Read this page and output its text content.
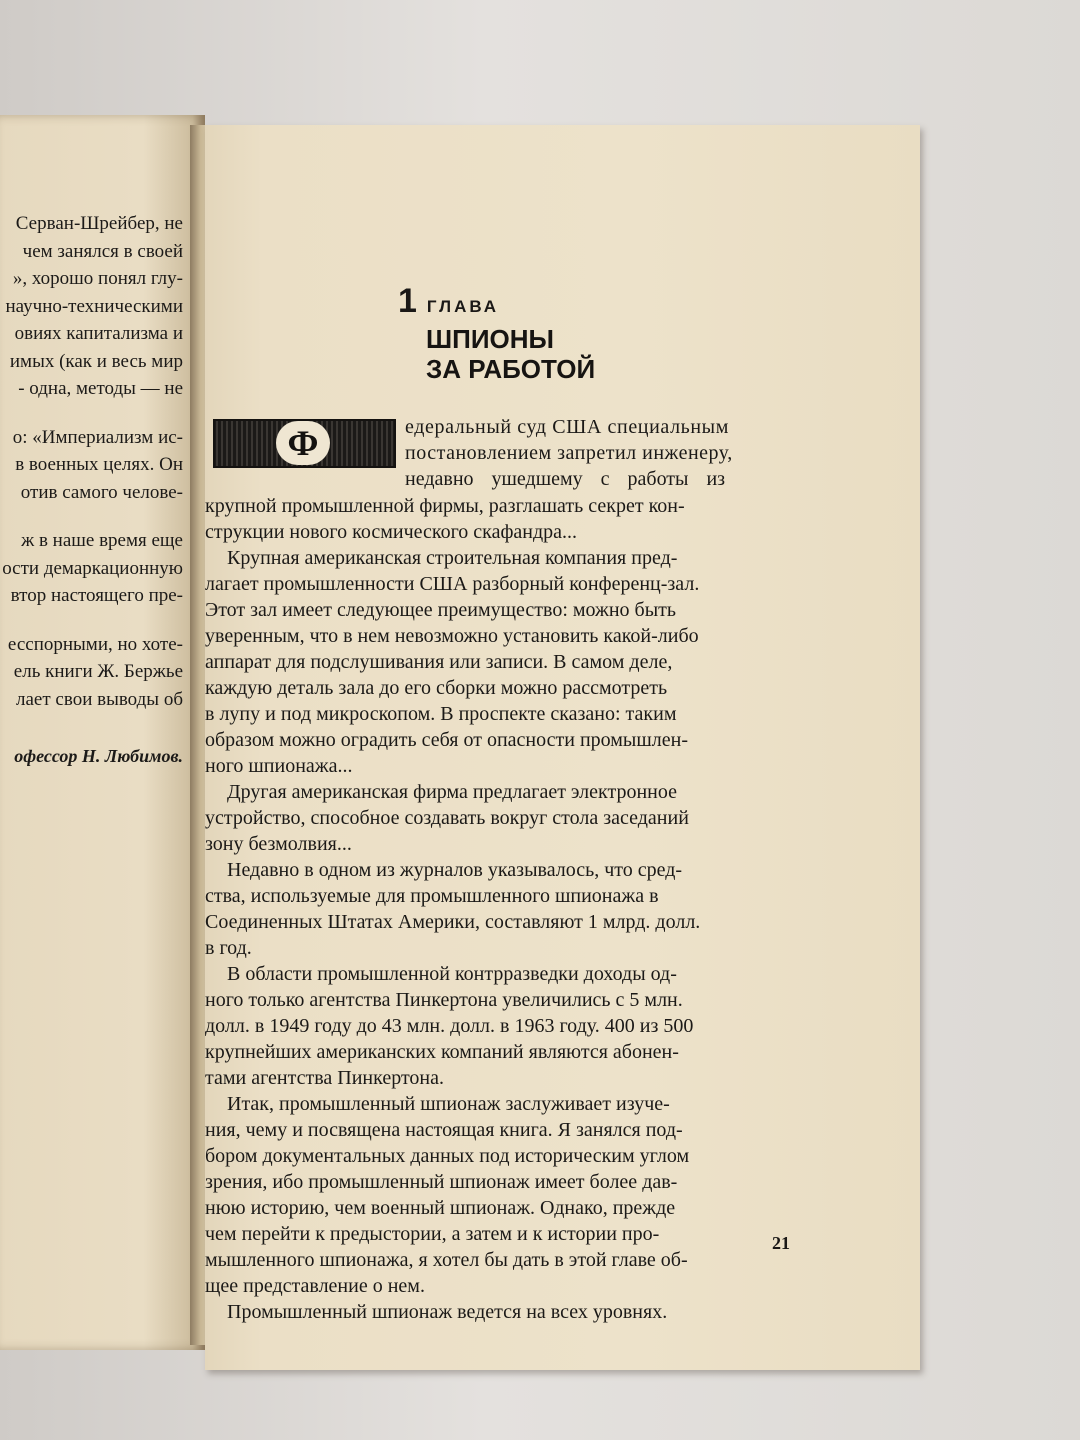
Серван-Шрейбер, не
чем занялся в своей
», хорошо понял глу-
научно-техническими
овиях капитализма и
имых (как и весь мир
- одна, методы — не
о: «Империализм ис-
в военных целях. Он
отив самого челове-
ж в наше время еще
ости демаркационную
втор настоящего пре-
есспорными, но хоте-
ель книги Ж. Бержье
лает свои выводы об
офессор Н. Любимов.
1 ГЛАВА
ШПИОНЫ
ЗА РАБОТОЙ
Ф	едеральный суд США специальным
постановлением запретил инженеру,
недавно ушедшему с работы из
крупной промышленной фирмы, разглашать секрет кон-
струкции нового космического скафандра...
Крупная американская строительная компания пред-
лагает промышленности США разборный конференц-зал.
Этот зал имеет следующее преимущество: можно быть
уверенным, что в нем невозможно установить какой-либо
аппарат для подслушивания или записи. В самом деле,
каждую деталь зала до его сборки можно рассмотреть
в лупу и под микроскопом. В проспекте сказано: таким
образом можно оградить себя от опасности промышлен-
ного шпионажа...
Другая американская фирма предлагает электронное
устройство, способное создавать вокруг стола заседаний
зону безмолвия...
Недавно в одном из журналов указывалось, что сред-
ства, используемые для промышленного шпионажа в
Соединенных Штатах Америки, составляют 1 млрд. долл.
в год.
В области промышленной контрразведки доходы од-
ного только агентства Пинкертона увеличились с 5 млн.
долл. в 1949 году до 43 млн. долл. в 1963 году. 400 из 500
крупнейших американских компаний являются абонен-
тами агентства Пинкертона.
Итак, промышленный шпионаж заслуживает изуче-
ния, чему и посвящена настоящая книга. Я занялся под-
бором документальных данных под историческим углом
зрения, ибо промышленный шпионаж имеет более дав-
нюю историю, чем военный шпионаж. Однако, прежде
чем перейти к предыстории, а затем и к истории про-
мышленного шпионажа, я хотел бы дать в этой главе об-
щее представление о нем.
Промышленный шпионаж ведется на всех уровнях.
21
